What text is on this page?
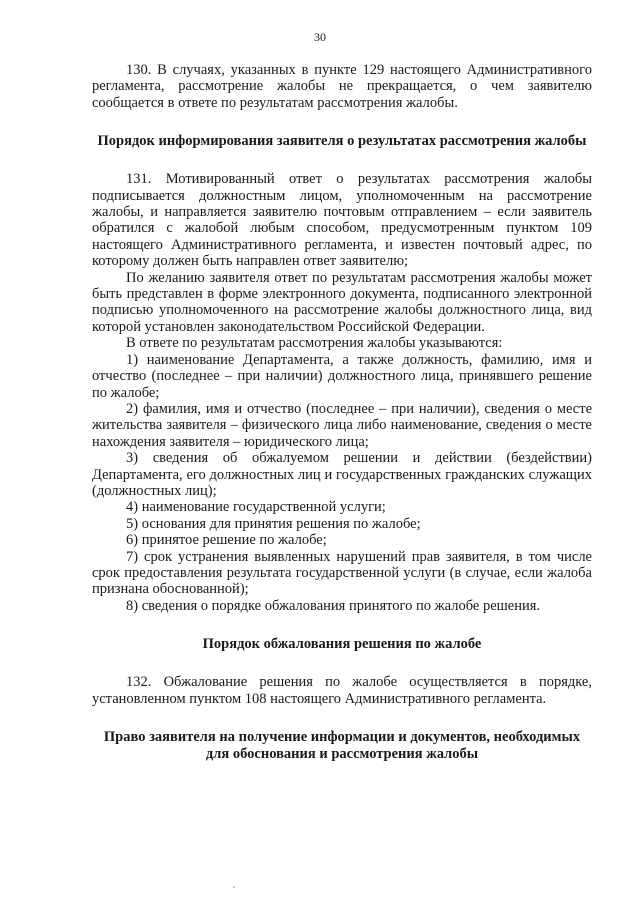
30

130. В случаях, указанных в пункте 129 настоящего Административного регламента, рассмотрение жалобы не прекращается, о чем заявителю сообщается в ответе по результатам рассмотрения жалобы.

Порядок информирования заявителя о результатах рассмотрения жалобы

131. Мотивированный ответ о результатах рассмотрения жалобы подписывается должностным лицом, уполномоченным на рассмотрение жалобы, и направляется заявителю почтовым отправлением – если заявитель обратился с жалобой любым способом, предусмотренным пунктом 109 настоящего Административного регламента, и известен почтовый адрес, по которому должен быть направлен ответ заявителю;

По желанию заявителя ответ по результатам рассмотрения жалобы может быть представлен в форме электронного документа, подписанного электронной подписью уполномоченного на рассмотрение жалобы должностного лица, вид которой установлен законодательством Российской Федерации.

В ответе по результатам рассмотрения жалобы указываются:

1) наименование Департамента, а также должность, фамилию, имя и отчество (последнее – при наличии) должностного лица, принявшего решение по жалобе;

2) фамилия, имя и отчество (последнее – при наличии), сведения о месте жительства заявителя – физического лица либо наименование, сведения о месте нахождения заявителя – юридического лица;

3) сведения об обжалуемом решении и действии (бездействии) Департамента, его должностных лиц и государственных гражданских служащих (должностных лиц);

4) наименование государственной услуги;

5) основания для принятия решения по жалобе;

6) принятое решение по жалобе;

7) срок устранения выявленных нарушений прав заявителя, в том числе срок предоставления результата государственной услуги (в случае, если жалоба признана обоснованной);

8) сведения о порядке обжалования принятого по жалобе решения.

Порядок обжалования решения по жалобе

132. Обжалование решения по жалобе осуществляется в порядке, установленном пунктом 108 настоящего Административного регламента.

Право заявителя на получение информации и документов, необходимых для обоснования и рассмотрения жалобы
